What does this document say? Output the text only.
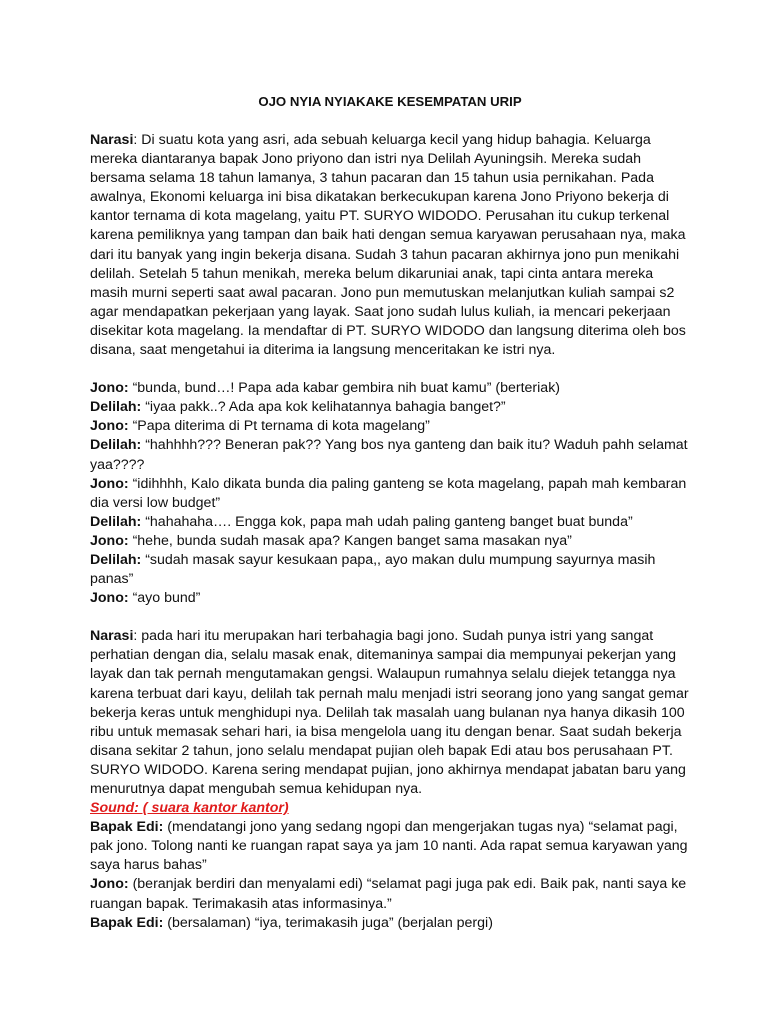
OJO NYIA NYIAKAKE KESEMPATAN URIP

Narasi: Di suatu kota yang asri, ada sebuah keluarga kecil yang hidup bahagia. Keluarga mereka diantaranya bapak Jono priyono dan istri nya Delilah Ayuningsih. Mereka sudah bersama selama 18 tahun lamanya, 3 tahun pacaran dan 15 tahun usia pernikahan. Pada awalnya, Ekonomi keluarga ini bisa dikatakan berkecukupan karena Jono Priyono bekerja di kantor ternama di kota magelang, yaitu PT. SURYO WIDODO. Perusahan itu cukup terkenal karena pemiliknya yang tampan dan baik hati dengan semua karyawan perusahaan nya, maka dari itu banyak yang ingin bekerja disana. Sudah 3 tahun pacaran akhirnya jono pun menikahi delilah. Setelah 5 tahun menikah, mereka belum dikaruniai anak, tapi cinta antara mereka masih murni seperti saat awal pacaran. Jono pun memutuskan melanjutkan kuliah sampai s2 agar mendapatkan pekerjaan yang layak. Saat jono sudah lulus kuliah, ia mencari pekerjaan disekitar kota magelang. Ia mendaftar di PT. SURYO WIDODO dan langsung diterima oleh bos disana, saat mengetahui ia diterima ia langsung menceritakan ke istri nya.

Jono: “bunda, bund…! Papa ada kabar gembira nih buat kamu” (berteriak)

Delilah: “iyaa pakk..? Ada apa kok kelihatannya bahagia banget?”

Jono: “Papa diterima di Pt ternama di kota magelang”

Delilah: “hahhhh??? Beneran pak?? Yang bos nya ganteng dan baik itu? Waduh pahh selamat yaa????

Jono: “idihhhh, Kalo dikata bunda dia paling ganteng se kota magelang, papah mah kembaran dia versi low budget”

Delilah: “hahahaha…. Engga kok, papa mah udah paling ganteng banget buat bunda”

Jono: “hehe, bunda sudah masak apa? Kangen banget sama masakan nya”

Delilah: “sudah masak sayur kesukaan papa,, ayo makan dulu mumpung sayurnya masih panas”

Jono: “ayo bund”

Narasi: pada hari itu merupakan hari terbahagia bagi jono. Sudah punya istri yang sangat perhatian dengan dia, selalu masak enak, ditemaninya sampai dia mempunyai pekerjan yang layak dan tak pernah mengutamakan gengsi. Walaupun rumahnya selalu diejek tetangga nya karena terbuat dari kayu, delilah tak pernah malu menjadi istri seorang jono yang sangat gemar bekerja keras untuk menghidupi nya. Delilah tak masalah uang bulanan nya hanya dikasih 100 ribu untuk memasak sehari hari, ia bisa mengelola uang itu dengan benar. Saat sudah bekerja disana sekitar 2 tahun, jono selalu mendapat pujian oleh bapak Edi atau bos perusahaan PT. SURYO WIDODO. Karena sering mendapat pujian, jono akhirnya mendapat jabatan baru yang menurutnya dapat mengubah semua kehidupan nya.

Sound: ( suara kantor kantor)

Bapak Edi: (mendatangi jono yang sedang ngopi dan mengerjakan tugas nya) “selamat pagi, pak jono. Tolong nanti ke ruangan rapat saya ya jam 10 nanti. Ada rapat semua karyawan yang saya harus bahas”

Jono: (beranjak berdiri dan menyalami edi) “selamat pagi juga pak edi. Baik pak, nanti saya ke ruangan bapak. Terimakasih atas informasinya.”

Bapak Edi: (bersalaman) “iya, terimakasih juga” (berjalan pergi)
